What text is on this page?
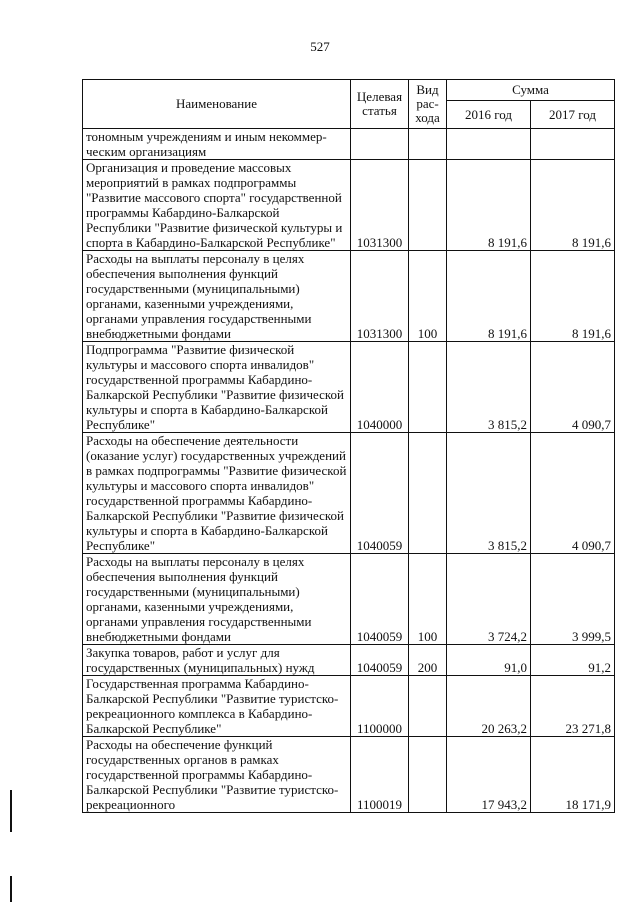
527
Наименование	Целевая статья	Вид рас-хода	Сумма	
			2016 год	2017 год
тономным учреждениям и иным некоммер-ческим организациям				
Организация и проведение массовых мероприятий в рамках подпрограммы "Развитие массового спорта" государственной программы Кабардино-Балкарской Республики "Развитие физической культуры и спорта в Кабардино-Балкарской Республике"	1031300		8 191,6	8 191,6
Расходы на выплаты персоналу в целях обеспечения выполнения функций государственными (муниципальными) органами, казенными учреждениями, органами управления государственными внебюджетными фондами	1031300	100	8 191,6	8 191,6
Подпрограмма "Развитие физической культуры и массового спорта инвалидов" государственной программы Кабардино-Балкарской Республики "Развитие физической культуры и спорта в Кабардино-Балкарской Республике"	1040000		3 815,2	4 090,7
Расходы на обеспечение деятельности (оказание услуг) государственных учреждений в рамках подпрограммы "Развитие физической культуры и массового спорта инвалидов" государственной программы Кабардино-Балкарской Республики "Развитие физической культуры и спорта в Кабардино-Балкарской Республике"	1040059		3 815,2	4 090,7
Расходы на выплаты персоналу в целях обеспечения выполнения функций государственными (муниципальными) органами, казенными учреждениями, органами управления государственными внебюджетными фондами	1040059	100	3 724,2	3 999,5
Закупка товаров, работ и услуг для государственных (муниципальных) нужд	1040059	200	91,0	91,2
Государственная программа Кабардино-Балкарской Республики "Развитие туристско-рекреационного комплекса в Кабардино-Балкарской Республике"	1100000		20 263,2	23 271,8
Расходы на обеспечение функций государственных органов в рамках государственной программы Кабардино-Балкарской Республики "Развитие туристско-рекреационного	1100019		17 943,2	18 171,9
